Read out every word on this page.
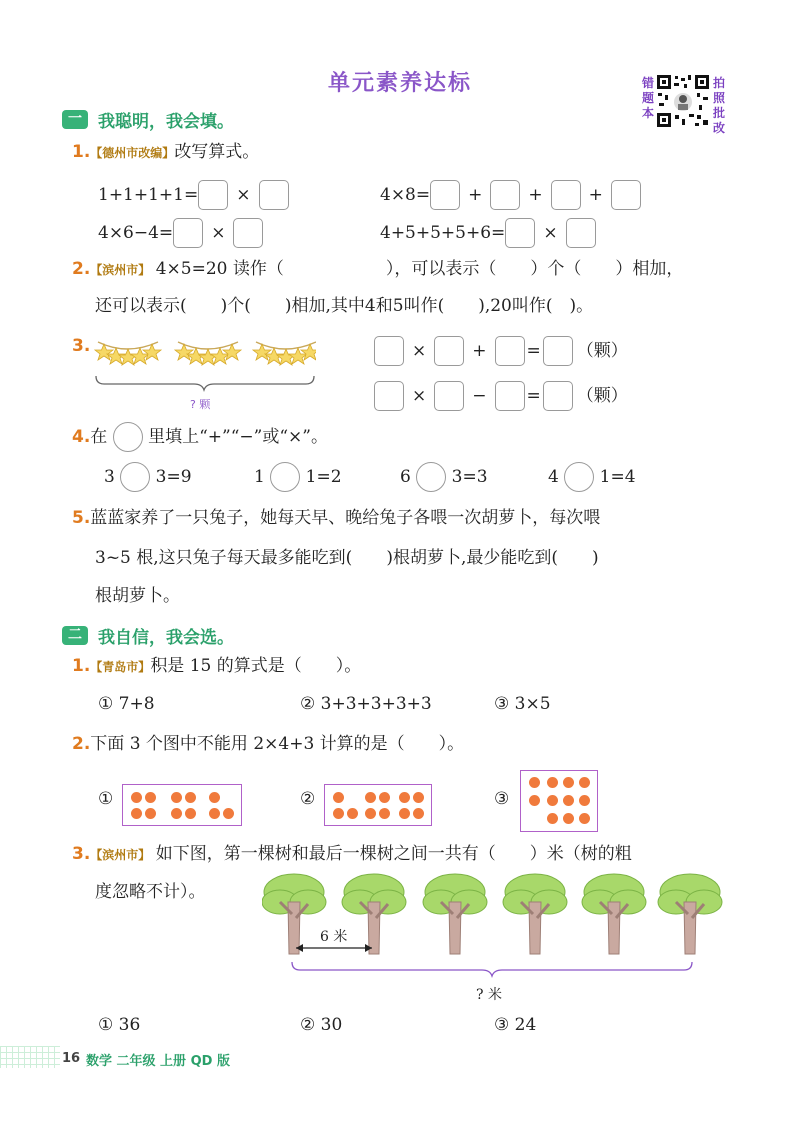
单元素养达标	错
题
本
拍
照
批
改
一 我聪明，我会填。
1.【德州市改编】改写算式。
1+1+1+1= ×	4×8= +	+	+
4×6−4= ×	4+5+5+5+6= ×
2.【滨州市】 4×5=20 读作（　　　　　　），可以表示（　　）个（　　）相加，
还可以表示(　　)个(　　)相加,其中4和5叫作(　　),20叫作(　)。
3.
? 颗
×	+ = （颗）
×	− = （颗）
4.在 里填上“+”“−”或“×”。
3 3=9	1 1=2	6 3=3	4 1=4
5.蓝蓝家养了一只兔子，她每天早、晚给兔子各喂一次胡萝卜，每次喂
3~5 根,这只兔子每天最多能吃到(　　)根胡萝卜,最少能吃到(　　)
根胡萝卜。
二 我自信，我会选。
1.【青岛市】积是 15 的算式是（　　）。
① 7+8	② 3+3+3+3+3	③ 3×5
2.下面 3 个图中不能用 2×4+3 计算的是（　　）。
①	②	③
3.【滨州市】 如下图，第一棵树和最后一棵树之间一共有（　　）米（树的粗
度忽略不计）。
6 米
? 米
① 36	② 30	③ 24
16 数学 二年级 上册 QD 版
